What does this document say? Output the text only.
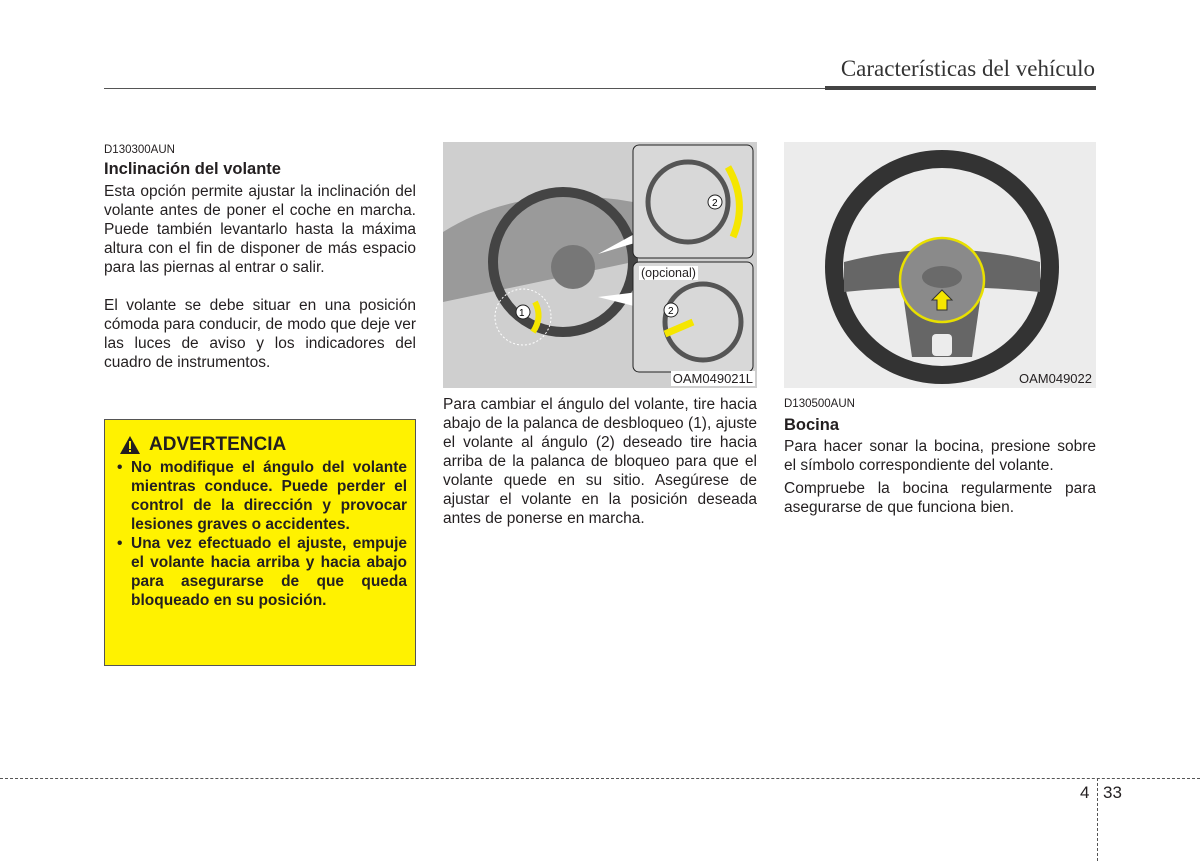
Características del vehículo
D130300AUN
Inclinación del volante
Esta opción permite ajustar la inclinación del volante antes de poner el coche en marcha. Puede también levantarlo hasta la máxima altura con el fin de disponer de más espacio para las piernas al entrar o salir.
El volante se debe situar en una posición cómoda para conducir, de modo que deje ver las luces de aviso y los indicadores del cuadro de instrumentos.
ADVERTENCIA
• No modifique el ángulo del volante mientras conduce. Puede perder el control de la dirección y provocar lesiones graves o accidentes.
• Una vez efectuado el ajuste, empuje el volante hacia arriba y hacia abajo para asegurarse de que queda bloqueado en su posición.
1
2
2
(opcional)
OAM049021L
Para cambiar el ángulo del volante, tire hacia abajo de la palanca de desbloqueo (1), ajuste el volante al ángulo (2) deseado tire hacia arriba de la palanca de bloqueo para que el volante quede en su sitio. Asegúrese de ajustar el volante en la posición deseada antes de ponerse en marcha.
OAM049022
D130500AUN
Bocina
Para hacer sonar la bocina, presione sobre el símbolo correspondiente del volante.
Compruebe la bocina regularmente para asegurarse de que funciona bien.
4 33
